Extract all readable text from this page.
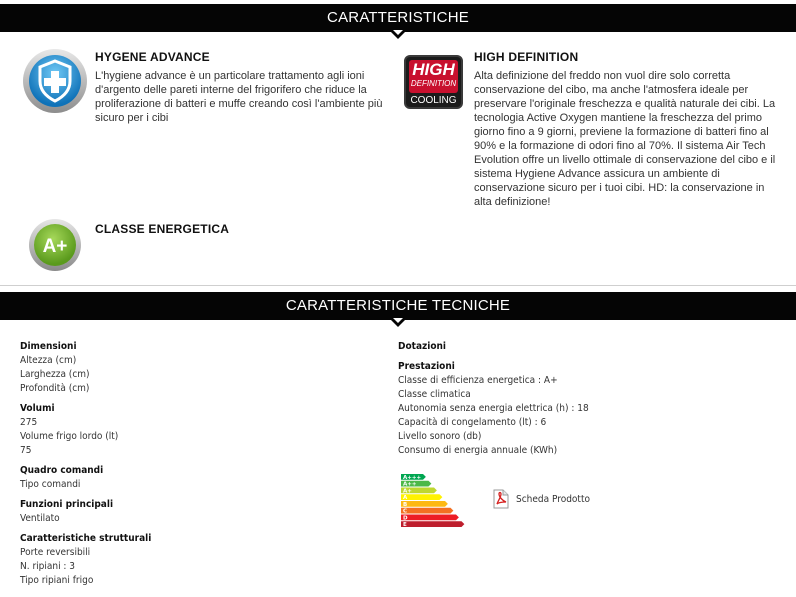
CARATTERISTICHE
HYGENE ADVANCE
L'hygiene advance è un particolare trattamento agli ioni d'argento delle pareti interne del frigorifero che riduce la proliferazione di batteri e muffe creando così l'ambiente più sicuro per i cibi
HIGH
DEFINITION
COOLING
HIGH DEFINITION
Alta definizione del freddo non vuol dire solo corretta conservazione del cibo, ma anche l'atmosfera ideale per preservare l'originale freschezza e qualità naturale dei cibi. La tecnologia Active Oxygen mantiene la freschezza del primo giorno fino a 9 giorni, previene la formazione di batteri fino al 90% e la formazione di odori fino al 70%. Il sistema Air Tech Evolution offre un livello ottimale di conservazione del cibo e il sistema Hygiene Advance assicura un ambiente di conservazione sicuro per i tuoi cibi. HD: la conservazione in alta definizione!
A+
CLASSE ENERGETICA
CARATTERISTICHE TECNICHE
Dimensioni
Altezza (cm)
Larghezza (cm)
Profondità (cm)
Volumi
275
Volume frigo lordo (lt)
75
Quadro comandi
Tipo comandi
Funzioni principali
Ventilato
Caratteristiche strutturali
Porte reversibili
N. ripiani : 3
Tipo ripiani frigo
Dotazioni
Prestazioni
Classe di efficienza energetica : A+
Classe climatica
Autonomia senza energia elettrica (h) : 18
Capacità di congelamento (lt) : 6
Livello sonoro (db)
Consumo di energia annuale (KWh)
A+++
A++
A+
A
B
C
D
E
Scheda Prodotto
